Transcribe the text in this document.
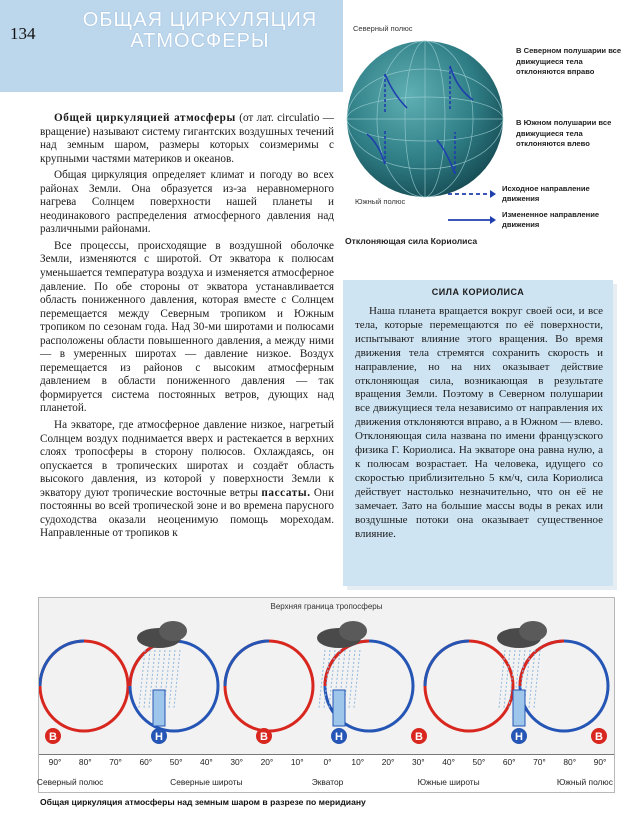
134
ОБЩАЯ ЦИРКУЛЯЦИЯ
АТМОСФЕРЫ

Общей циркуляцией атмосферы (от лат. circulatio — вращение) называют систему гигантских воздушных течений над земным шаром, размеры которых соизмеримы с крупными частями материков и океанов.

Общая циркуляция определяет климат и погоду во всех районах Земли. Она образуется из-за неравномерного нагрева Солнцем поверхности нашей планеты и неодинакового распределения атмосферного давления над различными районами.

Все процессы, происходящие в воздушной оболочке Земли, изменяются с широтой. От экватора к полюсам уменьшается температура воздуха и изменяется атмосферное давление. По обе стороны от экватора устанавливается область пониженного давления, которая вместе с Солнцем перемещается между Северным тропиком и Южным тропиком по сезонам года. Над 30-ми широтами и полюсами расположены области повышенного давления, а между ними — в умеренных широтах — давление низкое. Воздух перемещается из районов с высоким атмосферным давлением в области пониженного давления — так формируется система постоянных ветров, дующих над планетой.

На экваторе, где атмосферное давление низкое, нагретый Солнцем воздух поднимается вверх и растекается в верхних слоях тропосферы в сторону полюсов. Охлаждаясь, он опускается в тропических широтах и создаёт область высокого давления, из которой у поверхности Земли к экватору дуют тропические восточные ветры пассаты. Они постоянны во всей тропической зоне и во времена парусного судоходства оказали неоценимую помощь мореходам. Направленные от тропиков к

Северный полюс
Южный полюс
В Северном полушарии все движущиеся тела отклоняются вправо
В Южном полушарии все движущиеся тела отклоняются влево
Исходное направление движения
Измененное направление движения
Отклоняющая сила Кориолиса
СИЛА КОРИОЛИСА
Наша планета вращается вокруг своей оси, и все тела, которые перемещаются по её поверхности, испытывают влияние этого вращения. Во время движения тела стремятся сохранить скорость и направление, но на них оказывает действие отклоняющая сила, возникающая в результате вращения Земли. Поэтому в Северном полушарии все движущиеся тела независимо от направления их движения отклоняются вправо, а в Южном — влево. Отклоняющая сила названа по имени французского физика Г. Кориолиса. На экваторе она равна нулю, а к полюсам возрастает. На человека, идущего со скоростью приблизительно 5 км/ч, сила Кориолиса действует настолько незначительно, что он её не замечает. Зато на большие массы воды в реках или воздушные потоки она оказывает существенное влияние.
Верхняя граница тропосферы
В	Н	В	Н	В	Н	В
90° 80° 70° 60° 50° 40° 30° 20° 10° 0° 10° 20° 30° 40° 50° 60° 70° 80° 90°
Северный полюс	Северные широты	Экватор	Южные широты	Южный полюс
Общая циркуляция атмосферы над земным шаром в разрезе по меридиану
